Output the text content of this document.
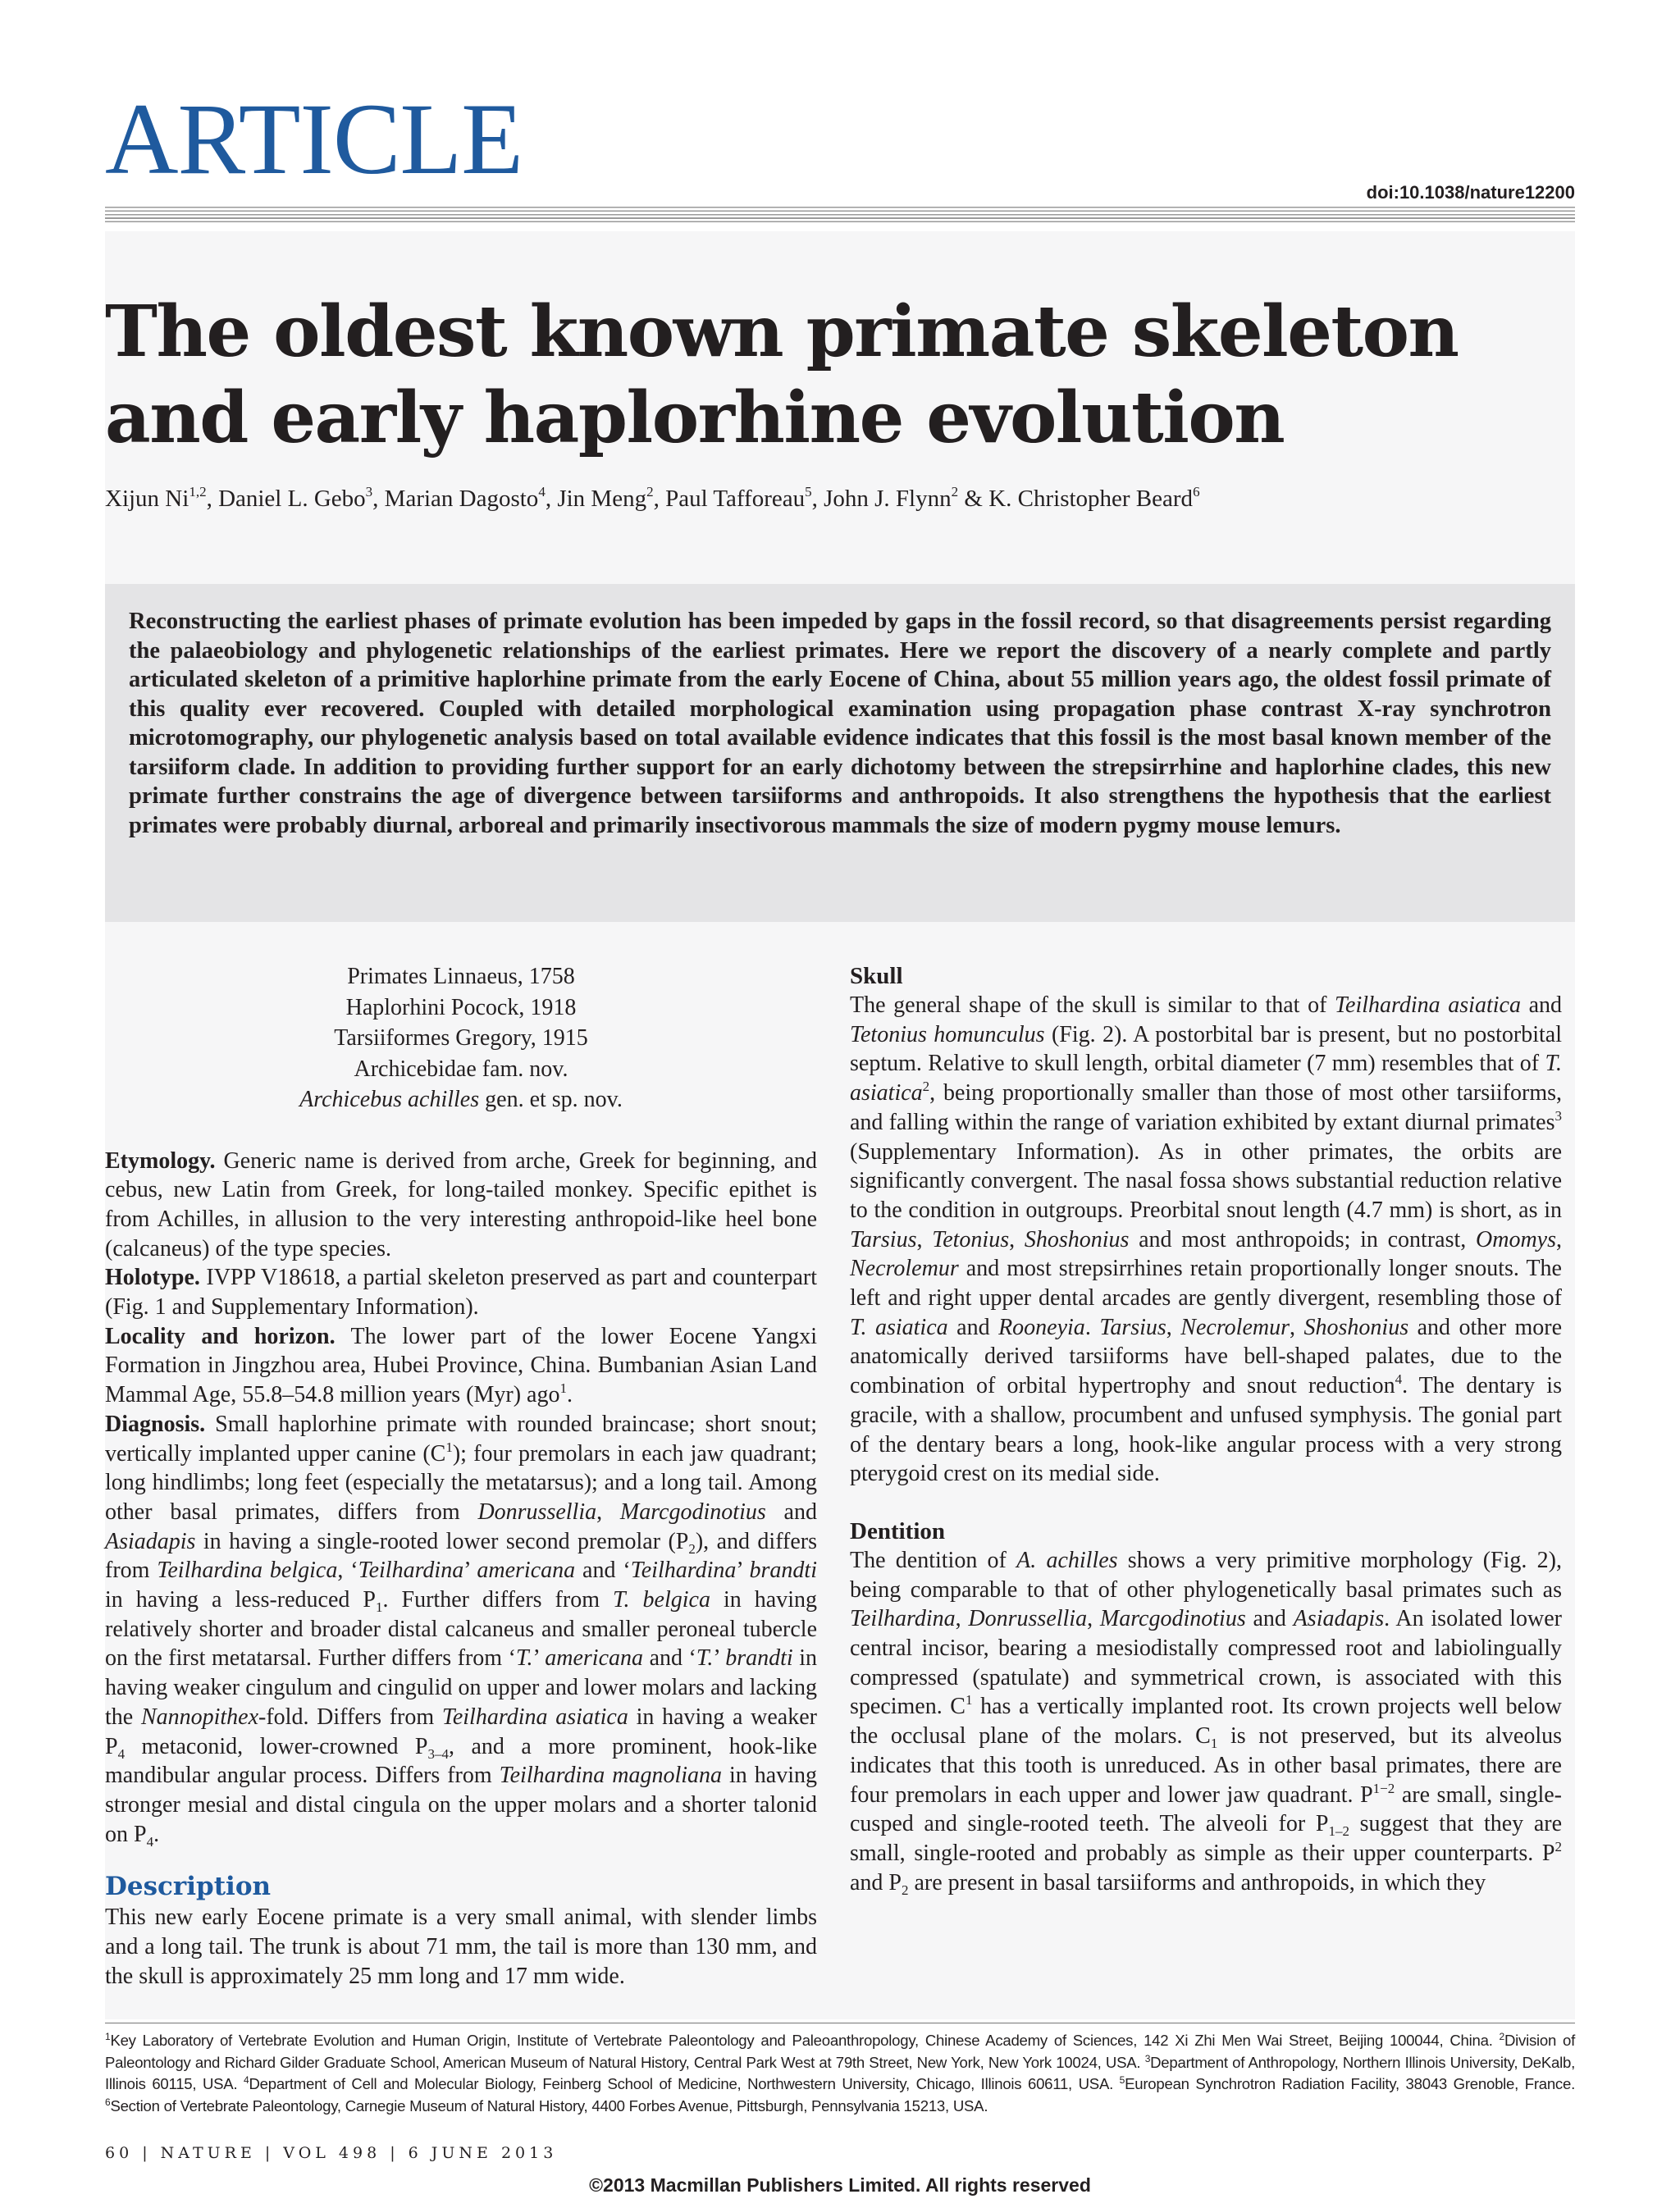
ARTICLE	doi:10.1038/nature12200
The oldest known primate skeleton and early haplorhine evolution
Xijun Ni$^{1,2}$, Daniel L. Gebo$^3$, Marian Dagosto$^4$, Jin Meng$^2$, Paul Tafforeau$^5$, John J. Flynn$^2$ & K. Christopher Beard$^6$

Reconstructing the earliest phases of primate evolution has been impeded by gaps in the fossil record, so that disagreements persist regarding the palaeobiology and phylogenetic relationships of the earliest primates. Here we report the discovery of a nearly complete and partly articulated skeleton of a primitive haplorhine primate from the early Eocene of China, about 55 million years ago, the oldest fossil primate of this quality ever recovered. Coupled with detailed morphological examination using propagation phase contrast X-ray synchrotron microtomography, our phylogenetic analysis based on total available evidence indicates that this fossil is the most basal known member of the tarsiiform clade. In addition to providing further support for an early dichotomy between the strepsirrhine and haplorhine clades, this new primate further constrains the age of divergence between tarsiiforms and anthropoids. It also strengthens the hypothesis that the earliest primates were probably diurnal, arboreal and primarily insectivorous mammals the size of modern pygmy mouse lemurs.

Primates Linnaeus, 1758
Haplorhini Pocock, 1918
Tarsiiformes Gregory, 1915
Archicebidae fam. nov.
Archicebus achilles gen. et sp. nov.

Etymology. Generic name is derived from arche, Greek for beginning, and cebus, new Latin from Greek, for long-tailed monkey. Specific epithet is from Achilles, in allusion to the very interesting anthropoid-like heel bone (calcaneus) of the type species.

Holotype. IVPP V18618, a partial skeleton preserved as part and counterpart (Fig. 1 and Supplementary Information).

Locality and horizon. The lower part of the lower Eocene Yangxi Formation in Jingzhou area, Hubei Province, China. Bumbanian Asian Land Mammal Age, 55.8–54.8 million years (Myr) ago$^1$.

Diagnosis. Small haplorhine primate with rounded braincase; short snout; vertically implanted upper canine $(C^1)$; four premolars in each jaw quadrant; long hindlimbs; long feet (especially the metatarsus); and a long tail. Among other basal primates, differs from Donrussellia, Marcgodinotius and Asiadapis in having a single-rooted lower second premolar $(P_2)$, and differs from Teilhardina belgica, ‘Teilhardina’ americana and ‘Teilhardina’ brandti in having a less-reduced $P_1$. Further differs from T. belgica in having relatively shorter and broader distal calcaneus and smaller peroneal tubercle on the first metatarsal. Further differs from ‘T.’ americana and ‘T.’ brandti in having weaker cingulum and cingulid on upper and lower molars and lacking the Nannopithex-fold. Differs from Teilhardina asiatica in having a weaker $P_4$ metaconid, lower-crowned $P_{3-4}$, and a more prominent, hook-like mandibular angular process. Differs from Teilhardina magnoliana in having stronger mesial and distal cingula on the upper molars and a shorter talonid on $P_4$.

Description

This new early Eocene primate is a very small animal, with slender limbs and a long tail. The trunk is about 71 mm, the tail is more than 130 mm, and the skull is approximately 25 mm long and 17 mm wide.

Skull

The general shape of the skull is similar to that of Teilhardina asiatica and Tetonius homunculus (Fig. 2). A postorbital bar is present, but no postorbital septum. Relative to skull length, orbital diameter (7 mm) resembles that of T. asiatica$^2$, being proportionally smaller than those of most other tarsiiforms, and falling within the range of variation exhibited by extant diurnal primates$^3$ (Supplementary Information). As in other primates, the orbits are significantly convergent. The nasal fossa shows substantial reduction relative to the condition in outgroups. Preorbital snout length (4.7 mm) is short, as in Tarsius, Tetonius, Shoshonius and most anthropoids; in contrast, Omomys, Necrolemur and most strepsirrhines retain proportionally longer snouts. The left and right upper dental arcades are gently divergent, resembling those of T. asiatica and Rooneyia. Tarsius, Necrolemur, Shoshonius and other more anatomically derived tarsiiforms have bell-shaped palates, due to the combination of orbital hypertrophy and snout reduction$^4$. The dentary is gracile, with a shallow, procumbent and unfused symphysis. The gonial part of the dentary bears a long, hook-like angular process with a very strong pterygoid crest on its medial side.

Dentition

The dentition of A. achilles shows a very primitive morphology (Fig. 2), being comparable to that of other phylogenetically basal primates such as Teilhardina, Donrussellia, Marcgodinotius and Asiadapis. An isolated lower central incisor, bearing a mesiodistally compressed root and labiolingually compressed (spatulate) and symmetrical crown, is associated with this specimen. $C^1$ has a vertically implanted root. Its crown projects well below the occlusal plane of the molars. $C_1$ is not preserved, but its alveolus indicates that this tooth is unreduced. As in other basal primates, there are four premolars in each upper and lower jaw quadrant. $P^{1-2}$ are small, single-cusped and single-rooted teeth. The alveoli for $P_{1-2}$ suggest that they are small, single-rooted and probably as simple as their upper counterparts. $P^2$ and $P_2$ are present in basal tarsiiforms and anthropoids, in which they

$^1$Key Laboratory of Vertebrate Evolution and Human Origin, Institute of Vertebrate Paleontology and Paleoanthropology, Chinese Academy of Sciences, 142 Xi Zhi Men Wai Street, Beijing 100044, China. $^2$Division of Paleontology and Richard Gilder Graduate School, American Museum of Natural History, Central Park West at 79th Street, New York, New York 10024, USA. $^3$Department of Anthropology, Northern Illinois University, DeKalb, Illinois 60115, USA. $^4$Department of Cell and Molecular Biology, Feinberg School of Medicine, Northwestern University, Chicago, Illinois 60611, USA. $^5$European Synchrotron Radiation Facility, 38043 Grenoble, France. $^6$Section of Vertebrate Paleontology, Carnegie Museum of Natural History, 4400 Forbes Avenue, Pittsburgh, Pennsylvania 15213, USA.
60 | NATURE | VOL 498 | 6 JUNE 2013
©2013 Macmillan Publishers Limited. All rights reserved
